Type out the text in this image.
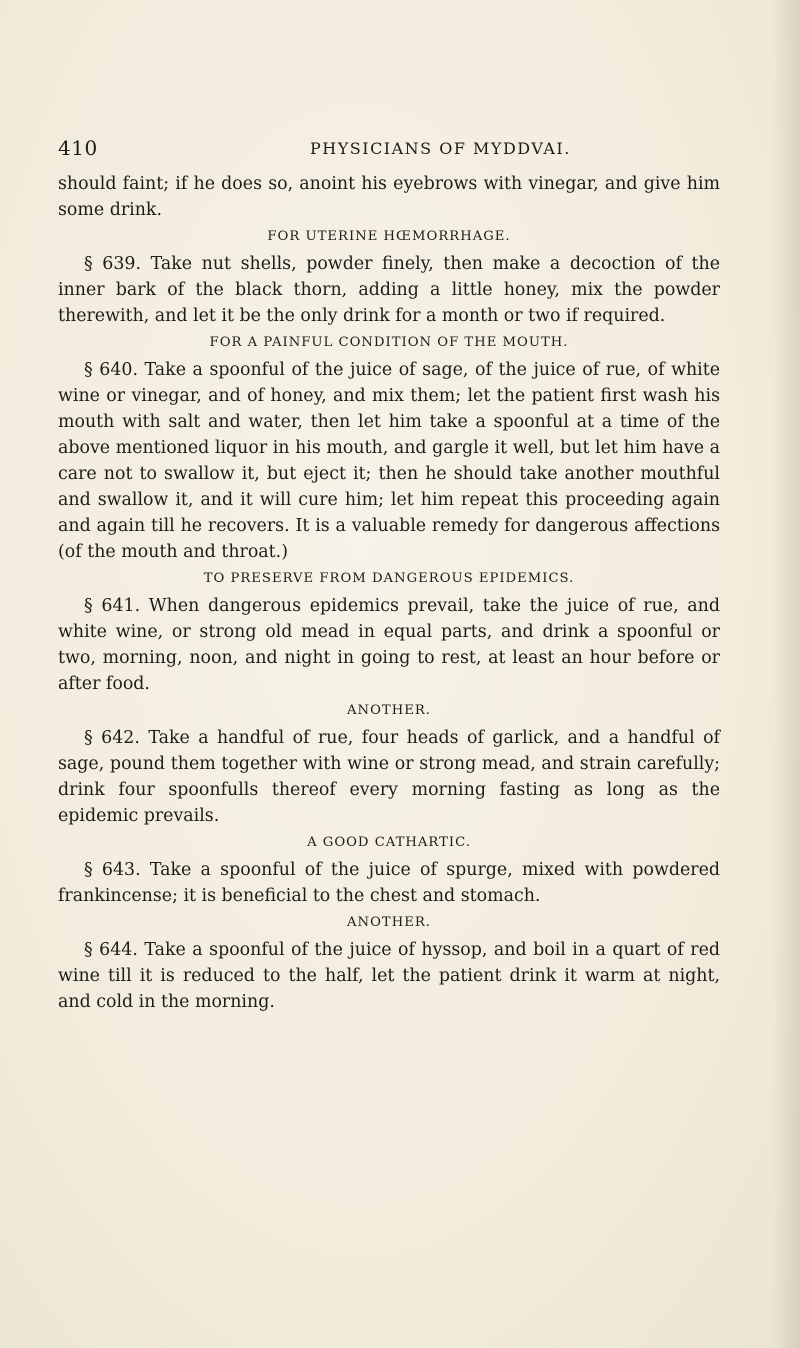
410	PHYSICIANS OF MYDDVAI.

should faint; if he does so, anoint his eyebrows with vinegar, and give him some drink.

FOR UTERINE HŒMORRHAGE.

§ 639. Take nut shells, powder finely, then make a decoction of the inner bark of the black thorn, adding a little honey, mix the powder therewith, and let it be the only drink for a month or two if required.

FOR A PAINFUL CONDITION OF THE MOUTH.

§ 640. Take a spoonful of the juice of sage, of the juice of rue, of white wine or vinegar, and of honey, and mix them; let the patient first wash his mouth with salt and water, then let him take a spoonful at a time of the above mentioned liquor in his mouth, and gargle it well, but let him have a care not to swallow it, but eject it; then he should take another mouthful and swallow it, and it will cure him; let him repeat this proceeding again and again till he recovers. It is a valuable remedy for dangerous affections (of the mouth and throat.)

TO PRESERVE FROM DANGEROUS EPIDEMICS.

§ 641. When dangerous epidemics prevail, take the juice of rue, and white wine, or strong old mead in equal parts, and drink a spoonful or two, morning, noon, and night in going to rest, at least an hour before or after food.

ANOTHER.

§ 642. Take a handful of rue, four heads of garlick, and a handful of sage, pound them together with wine or strong mead, and strain carefully; drink four spoonfulls thereof every morning fasting as long as the epidemic prevails.

A GOOD CATHARTIC.

§ 643. Take a spoonful of the juice of spurge, mixed with powdered frankincense; it is beneficial to the chest and stomach.

ANOTHER.

§ 644. Take a spoonful of the juice of hyssop, and boil in a quart of red wine till it is reduced to the half, let the patient drink it warm at night, and cold in the morning.
